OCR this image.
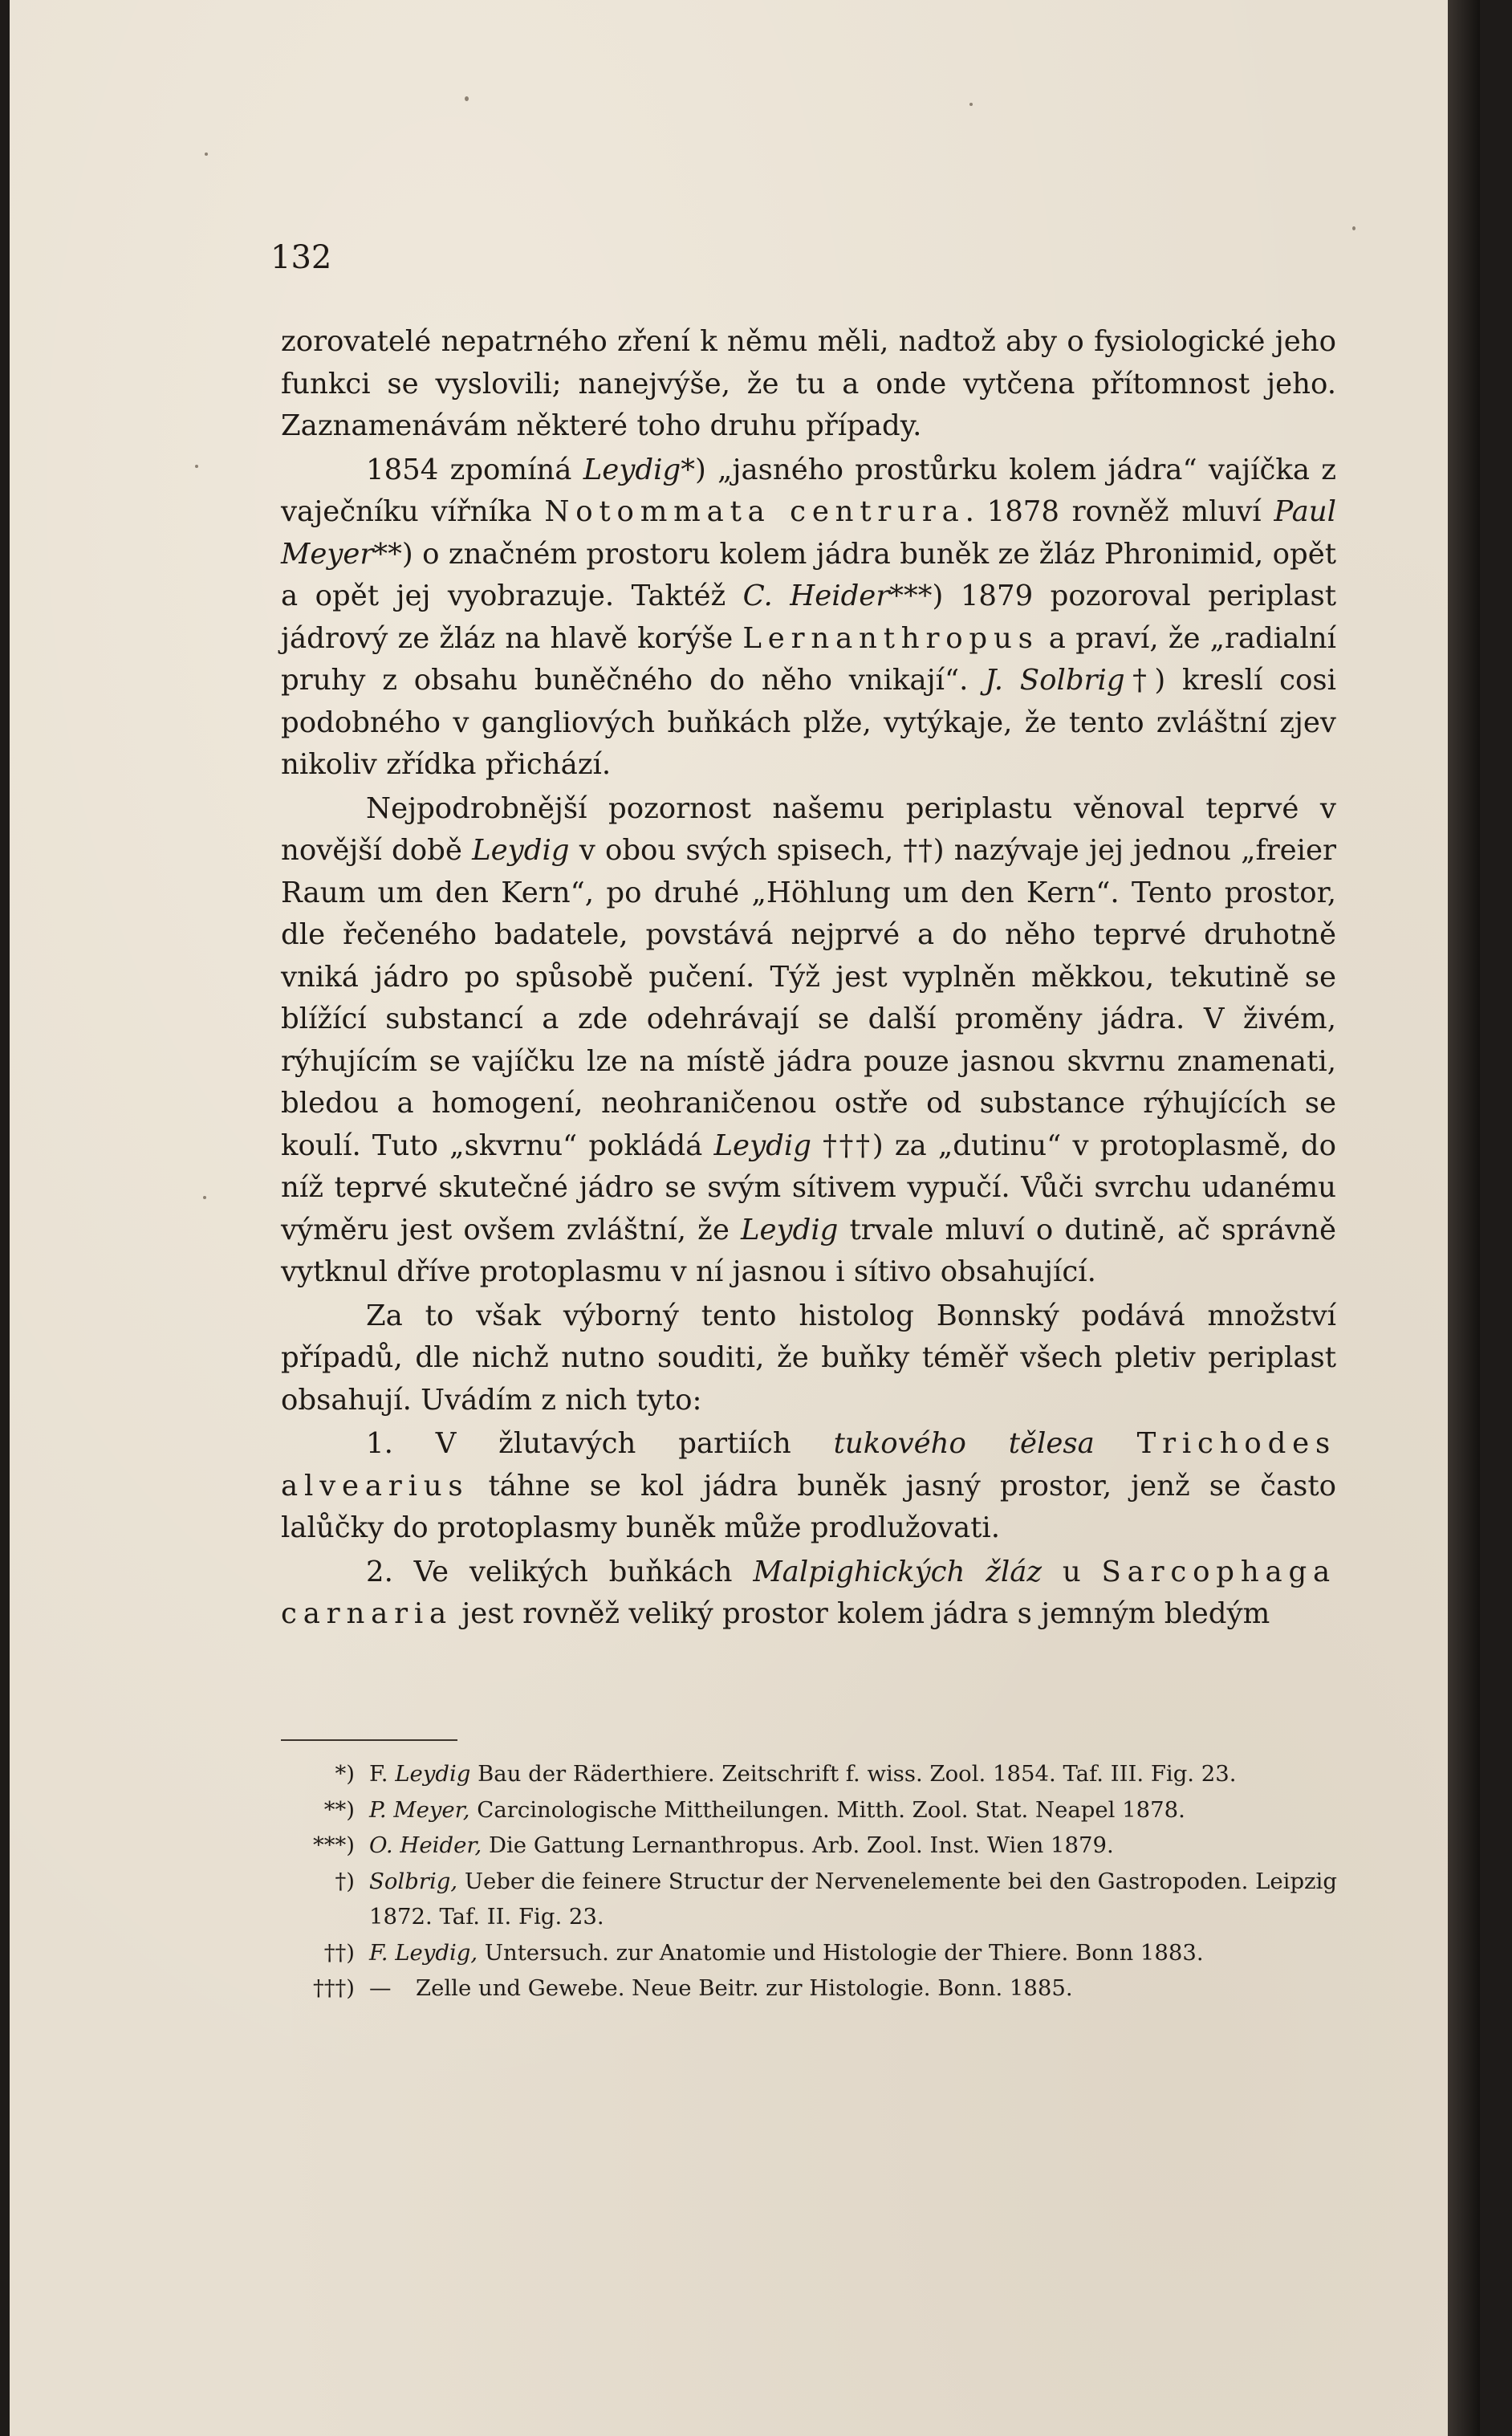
132

zorovatelé nepatrného zření k němu měli, nadtož aby o fysiologické jeho funkci se vyslovili; nanejvýše, že tu a onde vytčena přítomnost jeho. Zaznamenávám některé toho druhu případy.

1854 zpomíná Leydig*) „jasného prostůrku kolem jádra“ vajíčka z vaječníku vířníka Notommata centrura. 1878 rovněž mluví Paul Meyer**) o značném prostoru kolem jádra buněk ze žláz Phronimid, opět a opět jej vyobrazuje. Taktéž C. Heider***) 1879 pozoroval periplast jádrový ze žláz na hlavě korýše Lernanthropus a praví, že „radialní pruhy z obsahu buněčného do něho vnikají“. J. Solbrig†) kreslí cosi podobného v gangliových buňkách plže, vytýkaje, že tento zvláštní zjev nikoliv zřídka přichází.

Nejpodrobnější pozornost našemu periplastu věnoval teprvé v novější době Leydig v obou svých spisech, ††) nazývaje jej jednou „freier Raum um den Kern“, po druhé „Höhlung um den Kern“. Tento prostor, dle řečeného badatele, povstává nejprvé a do něho teprvé druhotně vniká jádro po spůsobě pučení. Týž jest vyplněn měkkou, tekutině se blížící substancí a zde odehrávají se další proměny jádra. V živém, rýhujícím se vajíčku lze na místě jádra pouze jasnou skvrnu znamenati, bledou a homogení, neohraničenou ostře od substance rýhujících se koulí. Tuto „skvrnu“ pokládá Leydig †††) za „dutinu“ v protoplasmě, do níž teprvé skutečné jádro se svým sítivem vypučí. Vůči svrchu udanému výměru jest ovšem zvláštní, že Leydig trvale mluví o dutině, ač správně vytknul dříve protoplasmu v ní jasnou i sítivo obsahující.

Za to však výborný tento histolog Bonnský podává množství případů, dle nichž nutno souditi, že buňky téměř všech pletiv periplast obsahují. Uvádím z nich tyto:

1. V žlutavých partiích tukového tělesa Trichodes alvearius táhne se kol jádra buněk jasný prostor, jenž se často lalůčky do protoplasmy buněk může prodlužovati.

2. Ve velikých buňkách Malpighických žláz u Sarcophaga carnaria jest rovněž veliký prostor kolem jádra s jemným bledým

*) F. Leydig Bau der Räderthiere. Zeitschrift f. wiss. Zool. 1854. Taf. III. Fig. 23.
**) P. Meyer, Carcinologische Mittheilungen. Mitth. Zool. Stat. Neapel 1878.
***) O. Heider, Die Gattung Lernanthropus. Arb. Zool. Inst. Wien 1879.
†) Solbrig, Ueber die feinere Structur der Nervenelemente bei den Gastropoden. Leipzig 1872. Taf. II. Fig. 23.
††) F. Leydig, Untersuch. zur Anatomie und Histologie der Thiere. Bonn 1883.
†††) — Zelle und Gewebe. Neue Beitr. zur Histologie. Bonn. 1885.
